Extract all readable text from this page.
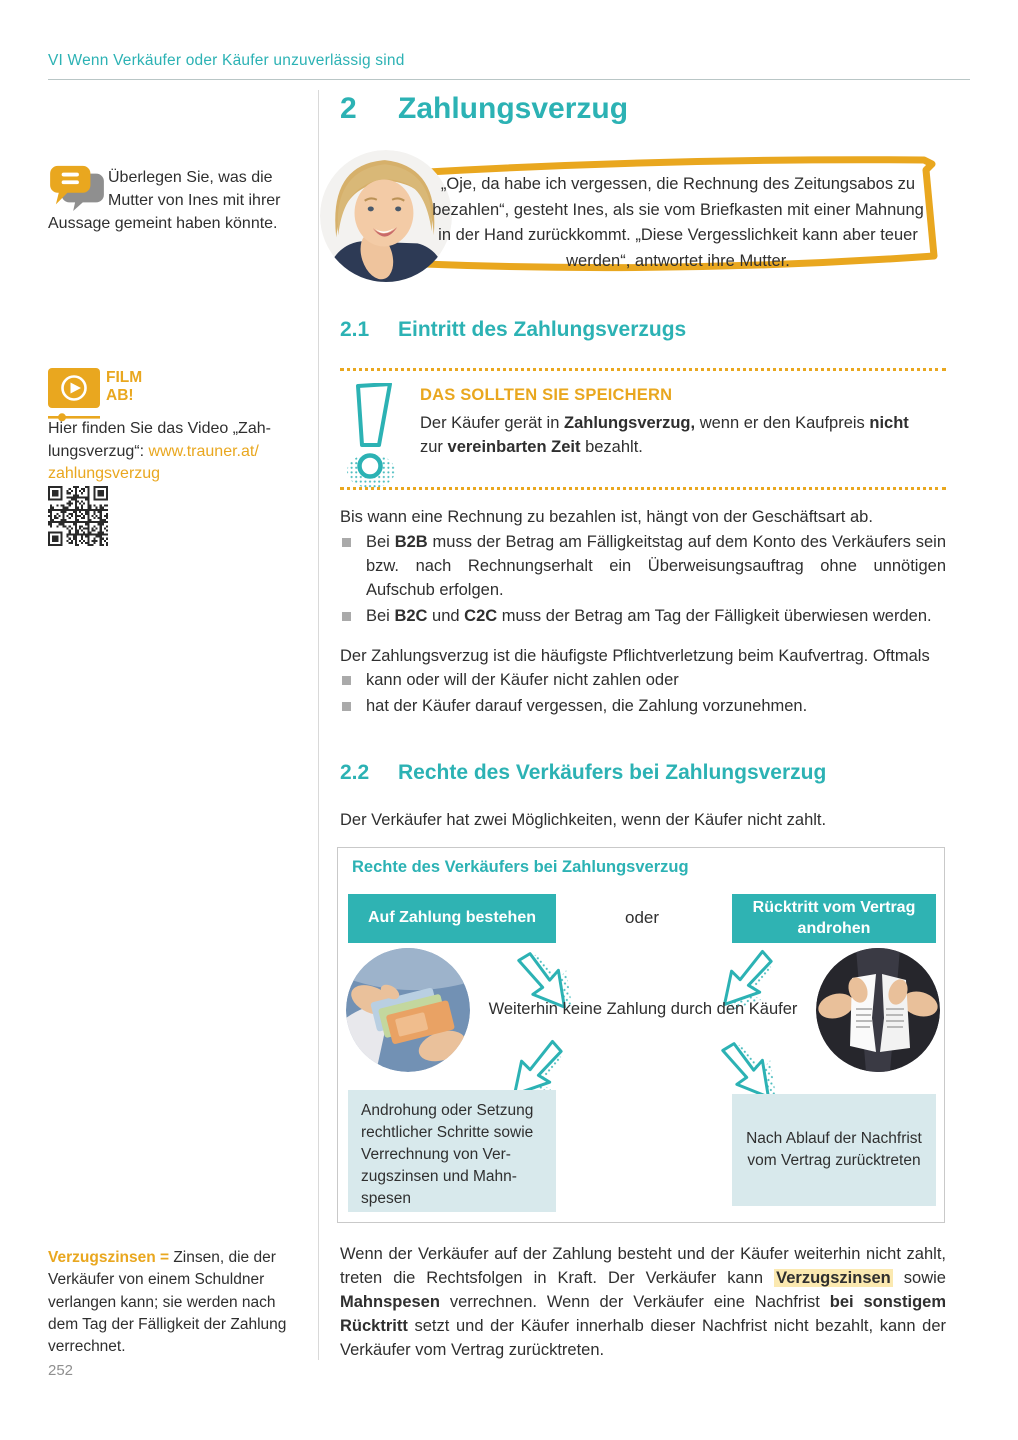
VI Wenn Verkäufer oder Käufer unzuverlässig sind
Überlegen Sie, was die Mutter von Ines mit ihrer Aussage gemeint haben könnte.
FILM
AB!
Hier finden Sie das Video „Zah-lungsverzug“: www.trauner.at/​zahlungsverzug
Verzugszinsen = Zinsen, die der Verkäufer von einem Schuldner verlangen kann; sie werden nach dem Tag der Fälligkeit der Zahlung verrechnet.
252
2 Zahlungsverzug
„Oje, da habe ich vergessen, die Rechnung des Zeitungsabos zu bezahlen“, gesteht Ines, als sie vom Briefkasten mit einer Mahnung in der Hand zurückkommt. „Diese Vergesslichkeit kann aber teuer werden“, antwortet ihre Mutter.
2.1 Eintritt des Zahlungsverzugs
DAS SOLLTEN SIE SPEICHERN
Der Käufer gerät in Zahlungsverzug, wenn er den Kaufpreis nicht zur vereinbarten Zeit bezahlt.
Bis wann eine Rechnung zu bezahlen ist, hängt von der Geschäftsart ab.
Bei B2B muss der Betrag am Fälligkeitstag auf dem Konto des Verkäufers sein bzw. nach Rechnungserhalt ein Überweisungsauftrag ohne unnötigen Aufschub erfolgen.
Bei B2C und C2C muss der Betrag am Tag der Fälligkeit überwiesen werden.
Der Zahlungsverzug ist die häufigste Pflichtverletzung beim Kaufvertrag. Oftmals
kann oder will der Käufer nicht zahlen oder
hat der Käufer darauf vergessen, die Zahlung vorzunehmen.
2.2 Rechte des Verkäufers bei Zahlungsverzug
Der Verkäufer hat zwei Möglichkeiten, wenn der Käufer nicht zahlt.
Rechte des Verkäufers bei Zahlungsverzug
Auf Zahlung bestehen	oder
Rücktritt vom Vertrag androhen
Weiterhin keine Zahlung durch den Käufer
Androhung oder Setzung rechtlicher Schritte sowie Verrechnung von Ver-zugszinsen und Mahn-spesen
Nach Ablauf der Nachfrist vom Vertrag zurücktreten
Wenn der Verkäufer auf der Zahlung besteht und der Käufer weiterhin nicht zahlt, treten die Rechtsfolgen in Kraft. Der Verkäufer kann Verzugszinsen sowie Mahnspesen verrechnen. Wenn der Verkäufer eine Nachfrist bei sonstigem Rücktritt setzt und der Käufer innerhalb dieser Nachfrist nicht bezahlt, kann der Verkäufer vom Vertrag zurücktreten.
